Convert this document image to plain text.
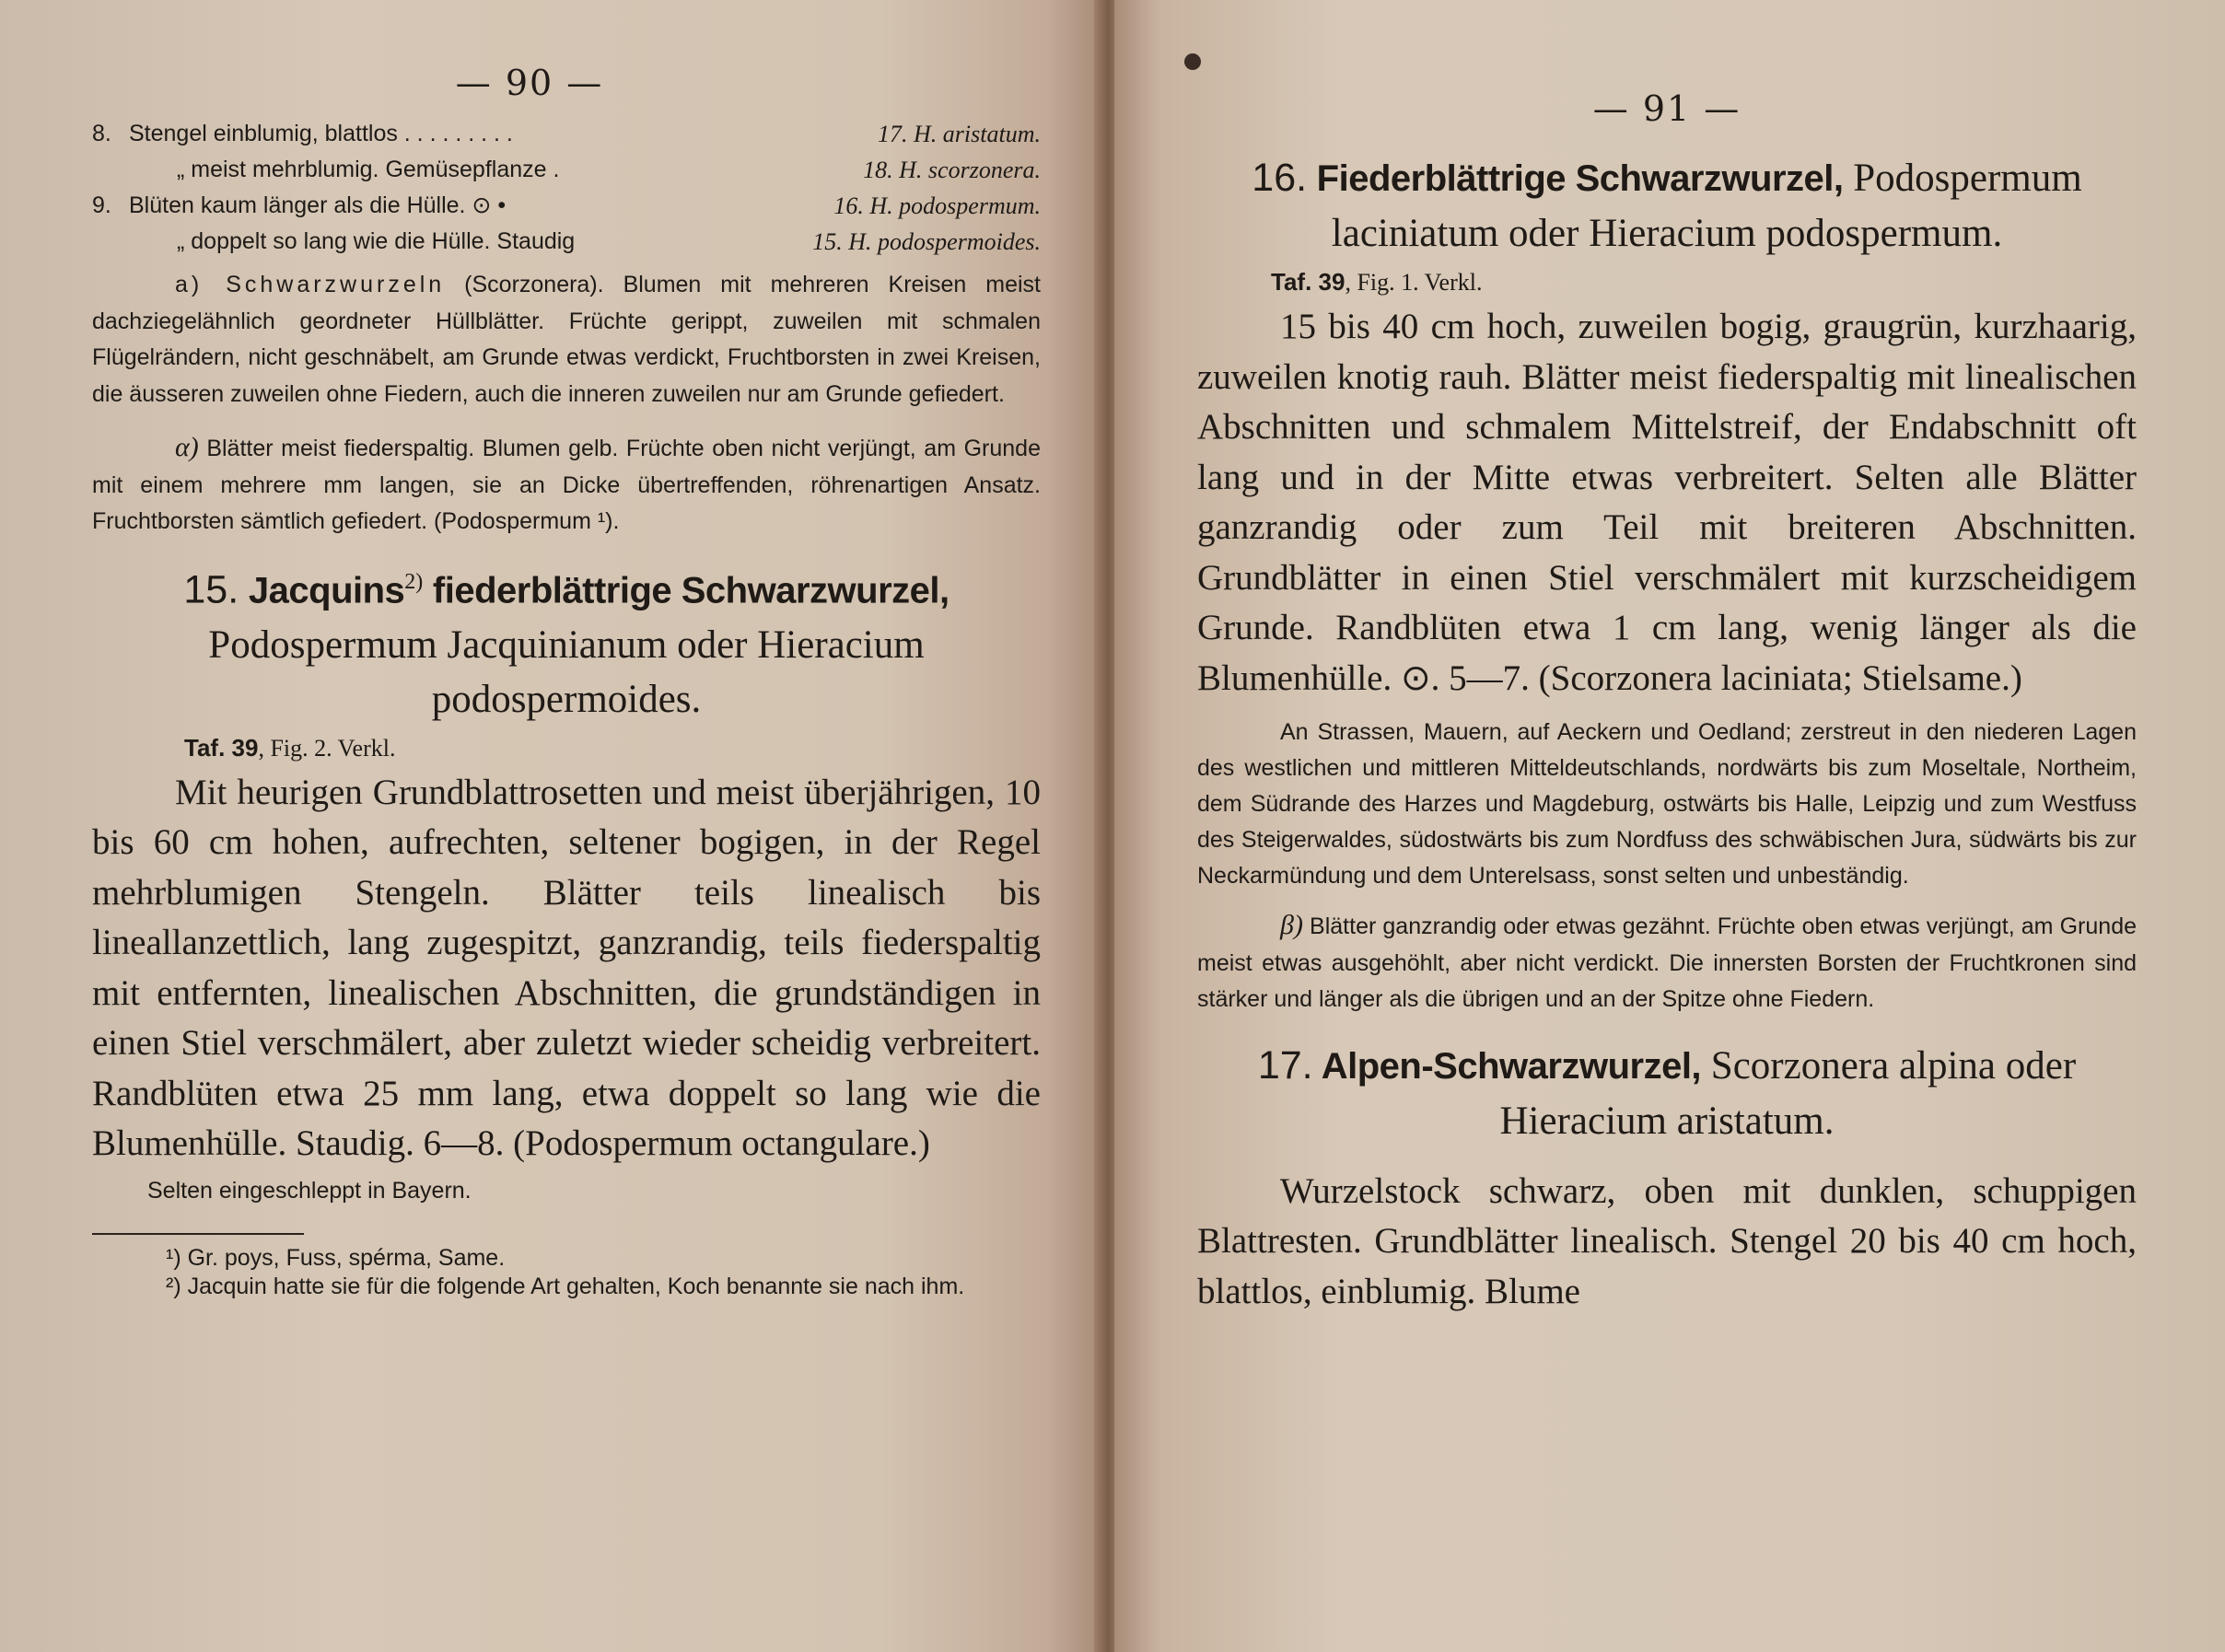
— 90 —
8. Stengel einblumig, blattlos . . . . . . . . .	17. H. aristatum.
„ meist mehrblumig. Gemüsepflanze .	18. H. scorzonera.
9. Blüten kaum länger als die Hülle. ⊙ •	16. H. podospermum.
„ doppelt so lang wie die Hülle. Staudig	15. H. podospermoides.

a) Schwarzwurzeln (Scorzonera). Blumen mit mehreren Kreisen meist dachziegelähnlich geordneter Hüllblätter. Früchte gerippt, zuweilen mit schmalen Flügelrändern, nicht geschnäbelt, am Grunde etwas verdickt, Fruchtborsten in zwei Kreisen, die äusseren zuweilen ohne Fiedern, auch die inneren zuweilen nur am Grunde gefiedert.

α) Blätter meist fiederspaltig. Blumen gelb. Früchte oben nicht verjüngt, am Grunde mit einem mehrere mm langen, sie an Dicke übertreffenden, röhrenartigen Ansatz. Fruchtborsten sämtlich gefiedert. (Podospermum ¹).

15. Jacquins$^{2)}$ fiederblättrige Schwarzwurzel, Podospermum Jacquinianum oder Hieracium podospermoides.

Taf. 39, Fig. 2. Verkl.

Mit heurigen Grundblattrosetten und meist überjährigen, 10 bis 60 cm hohen, aufrechten, seltener bogigen, in der Regel mehrblumigen Stengeln. Blätter teils linealisch bis lineallanzettlich, lang zugespitzt, ganzrandig, teils fiederspaltig mit entfernten, linealischen Abschnitten, die grundständigen in einen Stiel verschmälert, aber zuletzt wieder scheidig verbreitert. Randblüten etwa 25 mm lang, etwa doppelt so lang wie die Blumenhülle. Staudig. 6—8. (Podospermum octangulare.)

Selten eingeschleppt in Bayern.

¹) Gr. poys, Fuss, spérma, Same.

²) Jacquin hatte sie für die folgende Art gehalten, Koch benannte sie nach ihm.

— 91 —

16. Fiederblättrige Schwarzwurzel, Podospermum laciniatum oder Hieracium podospermum.

Taf. 39, Fig. 1. Verkl.

15 bis 40 cm hoch, zuweilen bogig, graugrün, kurzhaarig, zuweilen knotig rauh. Blätter meist fiederspaltig mit linealischen Abschnitten und schmalem Mittelstreif, der Endabschnitt oft lang und in der Mitte etwas verbreitert. Selten alle Blätter ganzrandig oder zum Teil mit breiteren Abschnitten. Grundblätter in einen Stiel verschmälert mit kurzscheidigem Grunde. Randblüten etwa 1 cm lang, wenig länger als die Blumenhülle. ⊙. 5—7. (Scorzonera laciniata; Stielsame.)

An Strassen, Mauern, auf Aeckern und Oedland; zerstreut in den niederen Lagen des westlichen und mittleren Mitteldeutschlands, nordwärts bis zum Moseltale, Northeim, dem Südrande des Harzes und Magdeburg, ostwärts bis Halle, Leipzig und zum Westfuss des Steigerwaldes, südostwärts bis zum Nordfuss des schwäbischen Jura, südwärts bis zur Neckarmündung und dem Unterelsass, sonst selten und unbeständig.

β) Blätter ganzrandig oder etwas gezähnt. Früchte oben etwas verjüngt, am Grunde meist etwas ausgehöhlt, aber nicht verdickt. Die innersten Borsten der Fruchtkronen sind stärker und länger als die übrigen und an der Spitze ohne Fiedern.

17. Alpen-Schwarzwurzel, Scorzonera alpina oder Hieracium aristatum.

Wurzelstock schwarz, oben mit dunklen, schuppigen Blattresten. Grundblätter linealisch. Stengel 20 bis 40 cm hoch, blattlos, einblumig. Blume
